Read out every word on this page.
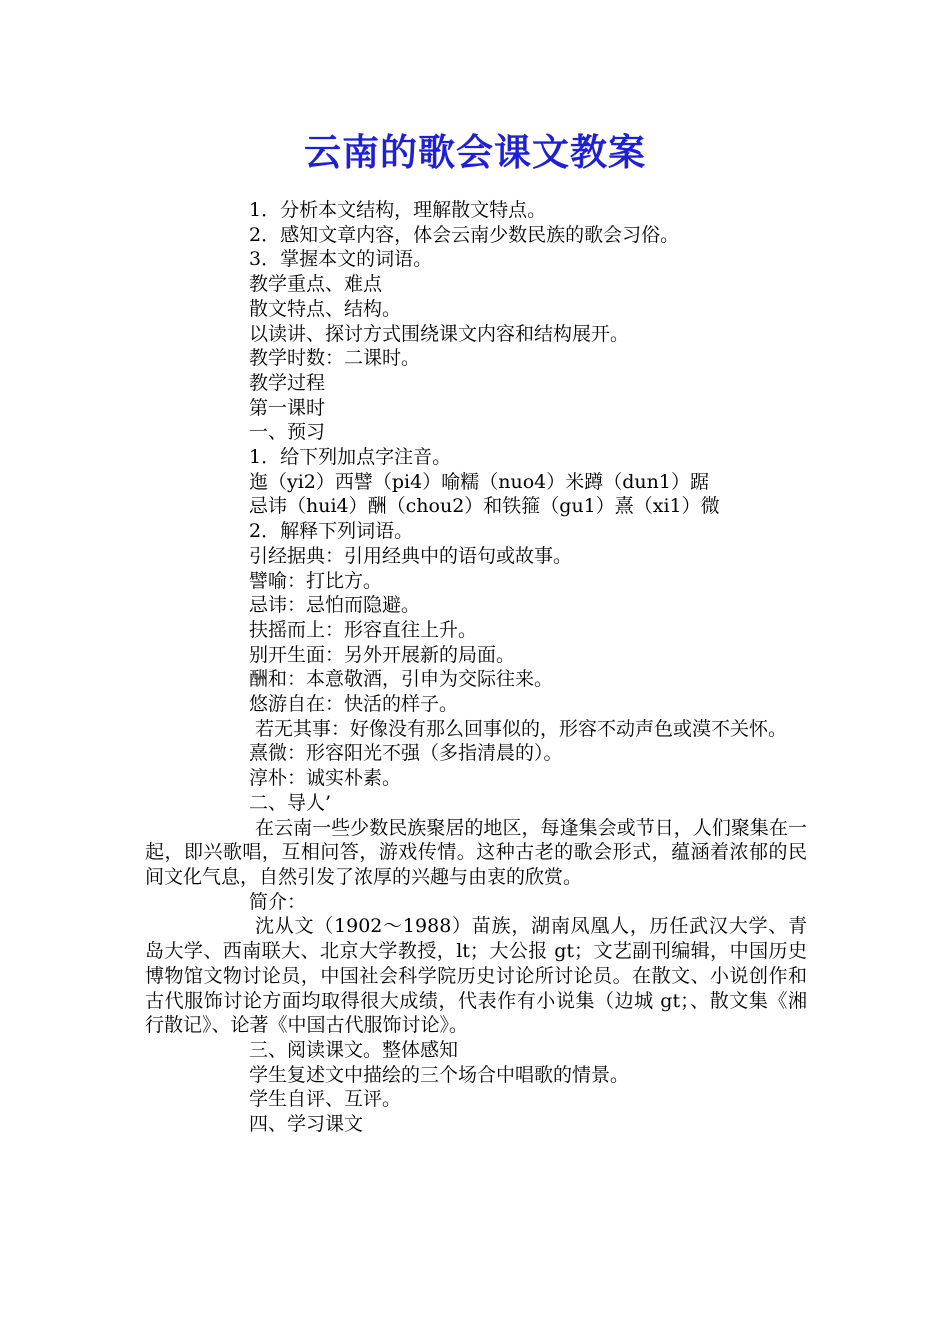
云南的歌会课文教案

1．分析本文结构，理解散文特点。

2．感知文章内容，体会云南少数民族的歌会习俗。

3．掌握本文的词语。

教学重点、难点

散文特点、结构。

以读讲、探讨方式围绕课文内容和结构展开。

教学时数：二课时。

教学过程

第一课时

一、预习

1．给下列加点字注音。

迤（yi2）西譬（pi4）喻糯（nuo4）米蹲（dun1）踞

忌讳（hui4）酬（chou2）和铁箍（gu1）熹（xi1）微

2．解释下列词语。

引经据典：引用经典中的语句或故事。

譬喻：打比方。

忌讳：忌怕而隐避。

扶摇而上：形容直往上升。

别开生面：另外开展新的局面。

酬和：本意敬酒，引申为交际往来。

悠游自在：快活的样子。

若无其事：好像没有那么回事似的，形容不动声色或漠不关怀。

熹微：形容阳光不强（多指清晨的）。

淳朴：诚实朴素。

二、导人’

在云南一些少数民族聚居的地区，每逢集会或节日，人们聚集在一起，即兴歌唱，互相问答，游戏传情。这种古老的歌会形式，蕴涵着浓郁的民间文化气息，自然引发了浓厚的兴趣与由衷的欣赏。

简介：

沈从文（1902～1988）苗族，湖南凤凰人，历任武汉大学、青岛大学、西南联大、北京大学教授，lt；大公报 gt；文艺副刊编辑，中国历史博物馆文物讨论员，中国社会科学院历史讨论所讨论员。在散文、小说创作和古代服饰讨论方面均取得很大成绩，代表作有小说集（边城 gt；、散文集《湘行散记》、论著《中国古代服饰讨论》。

三、阅读课文。整体感知

学生复述文中描绘的三个场合中唱歌的情景。

学生自评、互评。

四、学习课文
